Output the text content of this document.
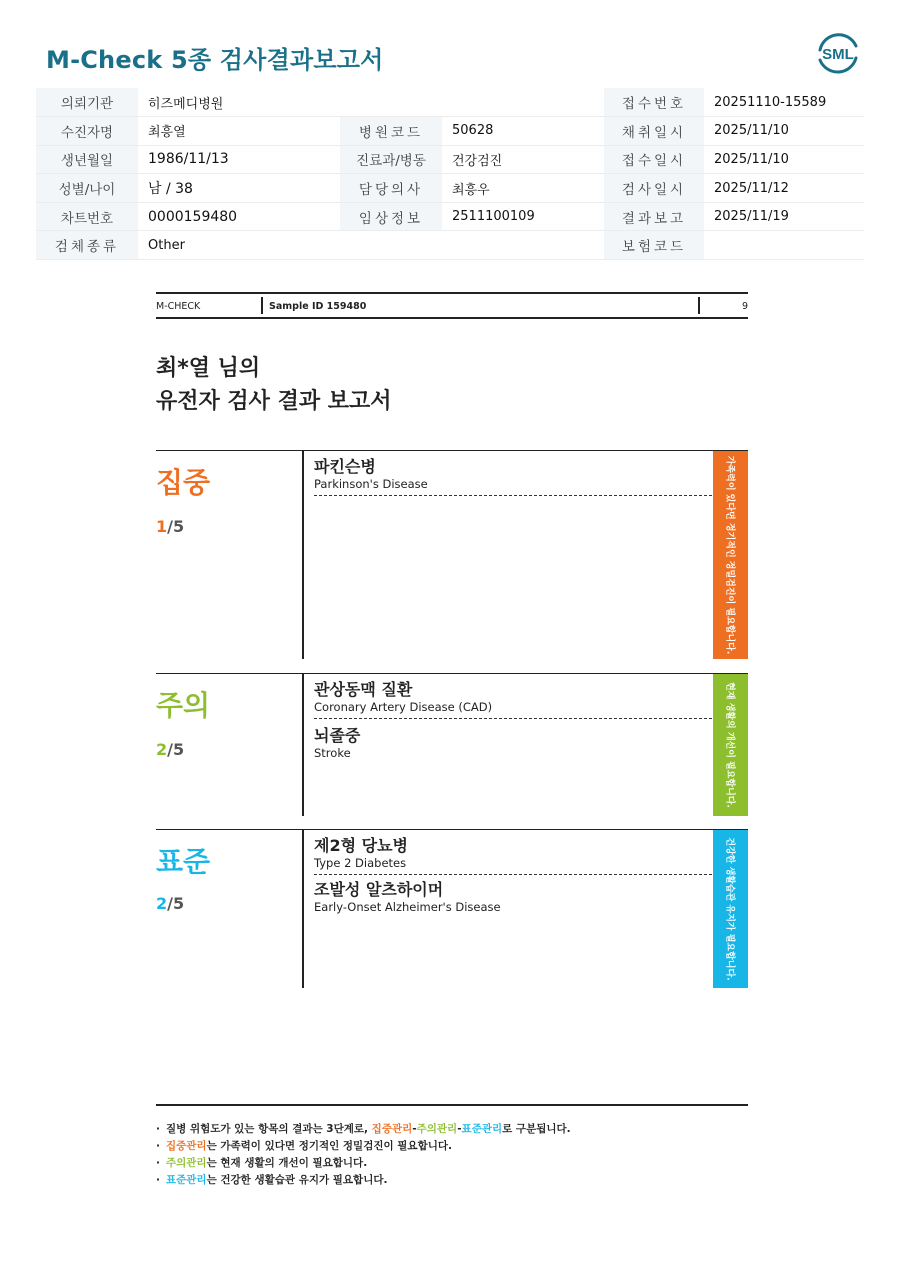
M-Check 5종 검사결과보고서	SML
의뢰기관	히즈메디병원			접수번호	20251110-15589
수진자명	최흥열	병원코드	50628	채취일시	2025/11/10
생년월일	1986/11/13	진료과/병동	건강검진	접수일시	2025/11/10
성별/나이	남 / 38	담당의사	최흥우	검사일시	2025/11/12
차트번호	0000159480	임상정보	2511100109	결과보고	2025/11/19
검체종류	Other			보험코드	
M-CHECK	Sample ID 159480	9
최*열 님의
유전자 검사 결과 보고서
집중
1/5
파킨슨병
Parkinson's Disease	가족력이 있다면 정기적인 정밀검진이 필요합니다.
주의
2/5
관상동맥 질환
Coronary Artery Disease (CAD)
뇌졸중
Stroke	현재 생활의 개선이 필요합니다.
표준
2/5
제2형 당뇨병
Type 2 Diabetes
조발성 알츠하이머
Early-Onset Alzheimer's Disease	건강한 생활습관 유지가 필요합니다.
· 질병 위험도가 있는 항목의 결과는 3단계로, 집중관리-주의관리-표준관리로 구분됩니다.
· 집중관리는 가족력이 있다면 정기적인 정밀검진이 필요합니다.
· 주의관리는 현재 생활의 개선이 필요합니다.
· 표준관리는 건강한 생활습관 유지가 필요합니다.
